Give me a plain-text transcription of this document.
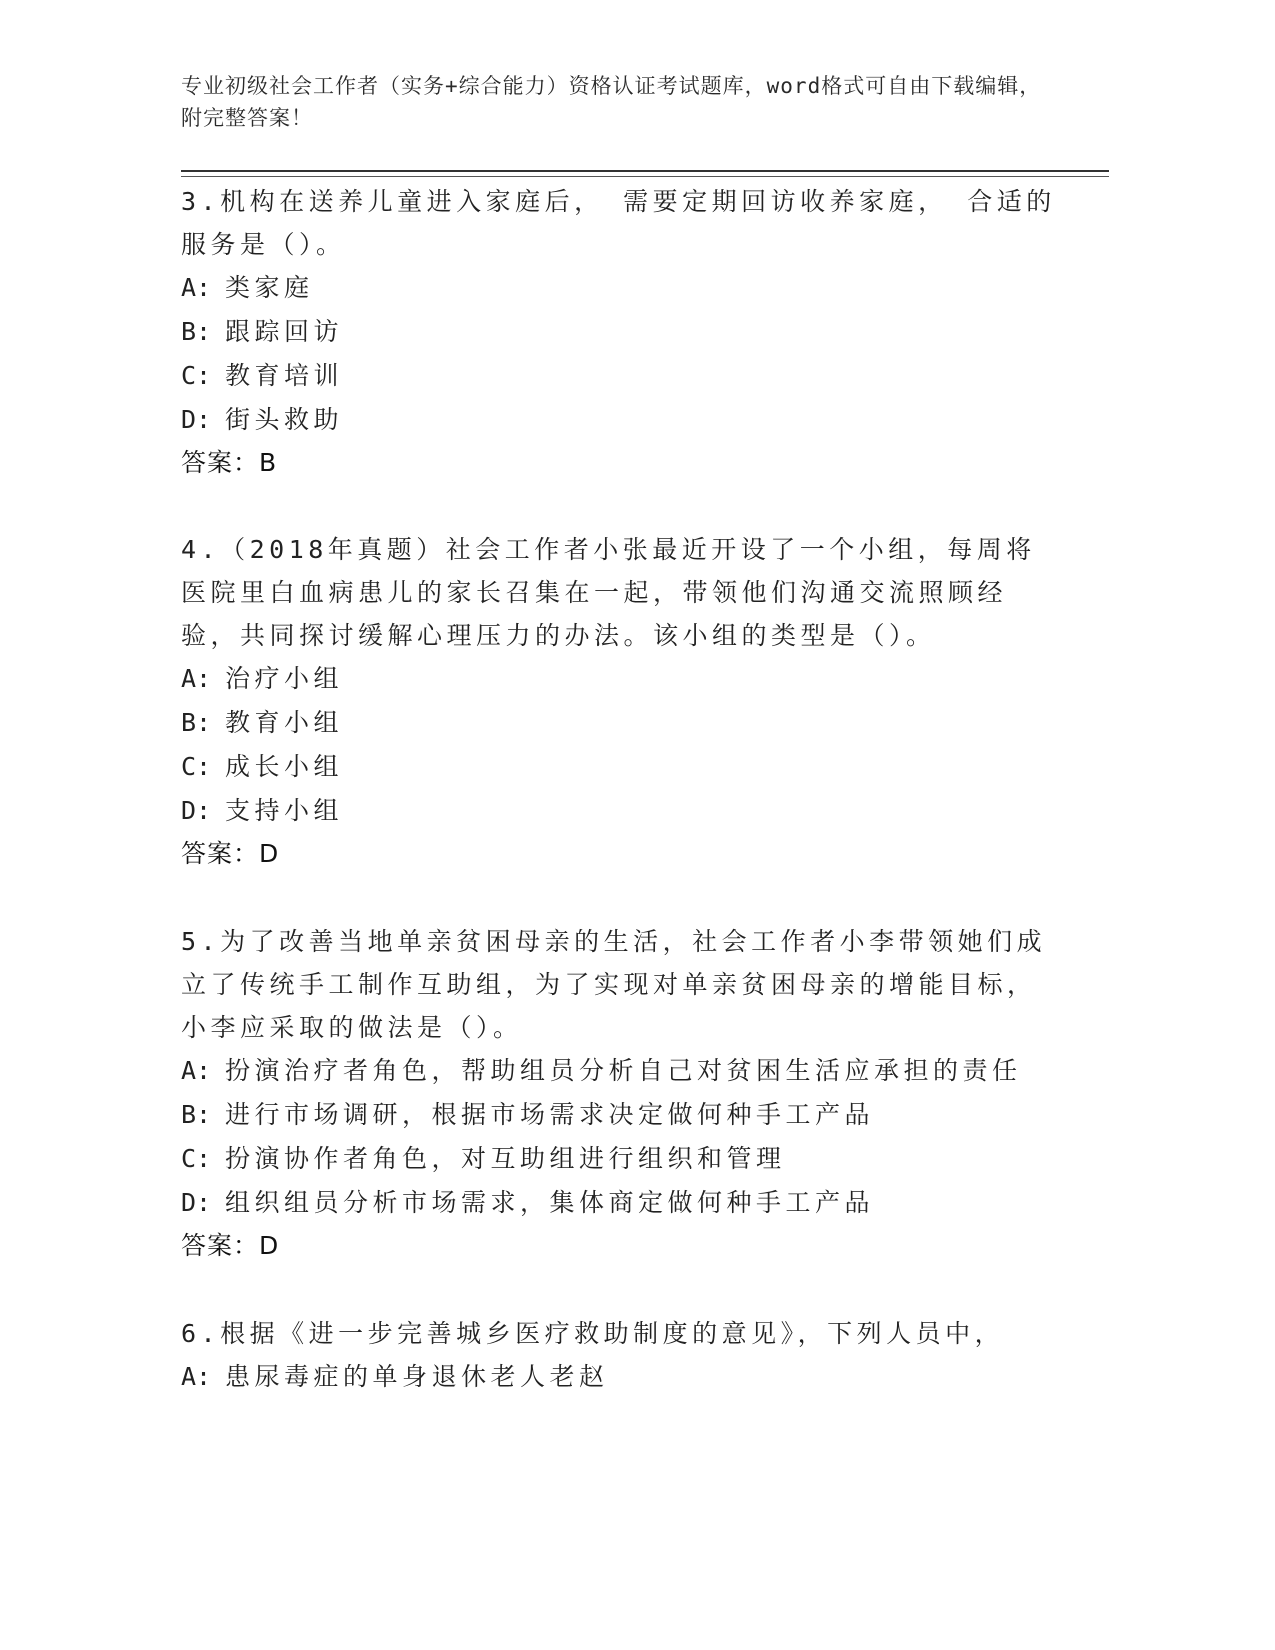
专业初级社会工作者（实务+综合能力）资格认证考试题库，word格式可自由下载编辑，附完整答案！

3.机构在送养儿童进入家庭后， 需要定期回访收养家庭， 合适的服务是（）。

A: 类家庭
B: 跟踪回访
C: 教育培训
D: 街头救助
答案：B

4.（2018年真题）社会工作者小张最近开设了一个小组，每周将医院里白血病患儿的家长召集在一起，带领他们沟通交流照顾经验，共同探讨缓解心理压力的办法。该小组的类型是（）。

A: 治疗小组
B: 教育小组
C: 成长小组
D: 支持小组
答案：D

5.为了改善当地单亲贫困母亲的生活，社会工作者小李带领她们成立了传统手工制作互助组，为了实现对单亲贫困母亲的增能目标，小李应采取的做法是（）。

A: 扮演治疗者角色，帮助组员分析自己对贫困生活应承担的责任
B: 进行市场调研，根据市场需求决定做何种手工产品
C: 扮演协作者角色，对互助组进行组织和管理
D: 组织组员分析市场需求，集体商定做何种手工产品
答案：D

6.根据《进一步完善城乡医疗救助制度的意见》，下列人员中，

A: 患尿毒症的单身退休老人老赵
